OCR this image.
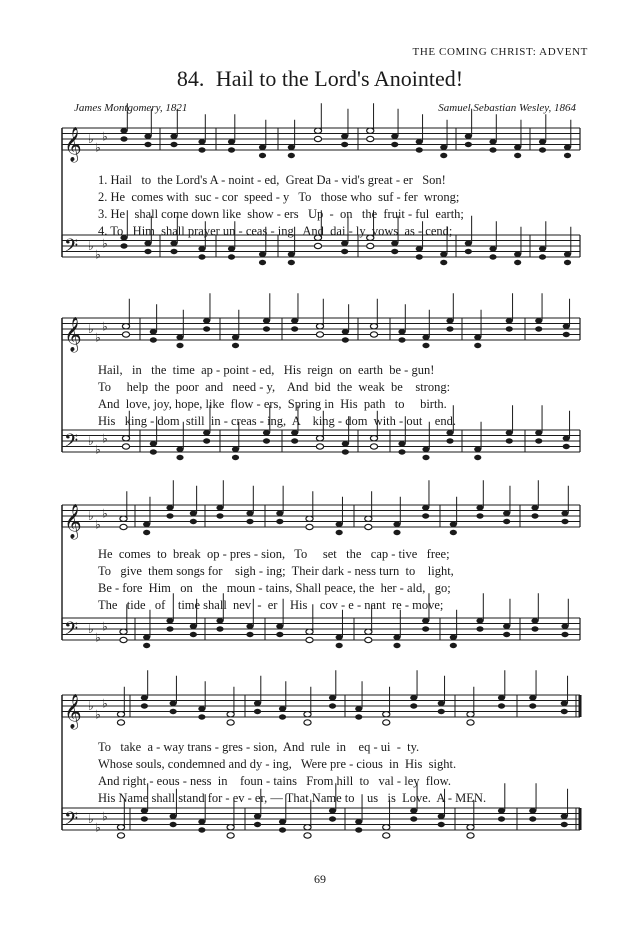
THE COMING CHRIST: ADVENT
84. Hail to the Lord's Anointed!
James Montgomery, 1821	Samuel Sebastian Wesley, 1864
𝄞 ♭
♭
♭
𝄢 ♭
♭
♭
𝄞 ♭
♭
♭
𝄢 ♭
♭
♭
𝄞 ♭
♭
♭
𝄢 ♭
♭
♭
𝄞 ♭
♭
♭
𝄢 ♭
♭
♭
1. Hail   to  the Lord's A - noint - ed,  Great Da - vid's great - er   Son!
2. He  comes with  suc - cor  speed - y   To   those who  suf - fer  wrong;
3. He   shall come down like  show - ers   Up  -  on   the  fruit - ful  earth;
4. To   Him  shall prayer un - ceas - ing   And  dai - ly  vows  as - cend;
Hail,   in   the  time  ap - point - ed,   His  reign  on  earth  be - gun!
To     help  the  poor  and   need - y,    And  bid  the  weak  be    strong:
And  love, joy, hope, like  flow - ers,  Spring in  His  path   to     birth.
His   king - dom  still  in - creas - ing,  A    king - dom  with - out    end.
He  comes  to  break  op - pres - sion,   To     set   the   cap - tive   free;
To   give  them songs for    sigh - ing;  Their dark - ness turn  to    light,
Be - fore  Him   on   the   moun - tains, Shall peace, the  her - ald,   go;
The   tide   of    time shall  nev  -  er    His    cov - e - nant  re - move;
To   take  a - way trans - gres - sion,  And  rule  in    eq - ui  -  ty.
Whose souls, condemned and dy - ing,   Were pre - cious  in  His  sight.
And right - eous - ness  in    foun - tains   From hill  to   val - ley  flow.
His Name shall stand for - ev - er, — That Name to    us   is  Love.  A - MEN.
69
